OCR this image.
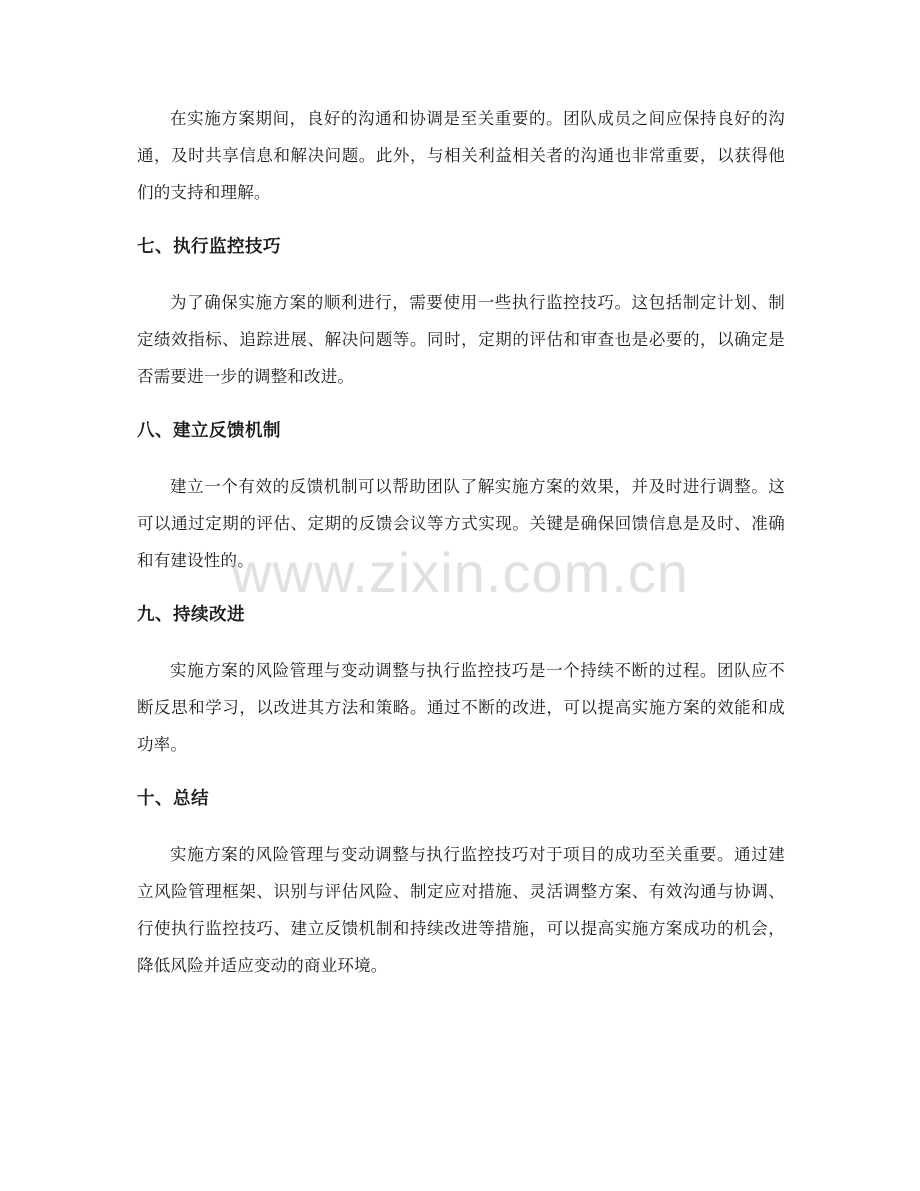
在实施方案期间，良好的沟通和协调是至关重要的。团队成员之间应保持良好的沟通，及时共享信息和解决问题。此外，与相关利益相关者的沟通也非常重要，以获得他们的支持和理解。

七、执行监控技巧

为了确保实施方案的顺利进行，需要使用一些执行监控技巧。这包括制定计划、制定绩效指标、追踪进展、解决问题等。同时，定期的评估和审查也是必要的，以确定是否需要进一步的调整和改进。

八、建立反馈机制

建立一个有效的反馈机制可以帮助团队了解实施方案的效果，并及时进行调整。这可以通过定期的评估、定期的反馈会议等方式实现。关键是确保回馈信息是及时、准确和有建设性的。

九、持续改进

实施方案的风险管理与变动调整与执行监控技巧是一个持续不断的过程。团队应不断反思和学习，以改进其方法和策略。通过不断的改进，可以提高实施方案的效能和成功率。

十、总结

实施方案的风险管理与变动调整与执行监控技巧对于项目的成功至关重要。通过建立风险管理框架、识别与评估风险、制定应对措施、灵活调整方案、有效沟通与协调、行使执行监控技巧、建立反馈机制和持续改进等措施，可以提高实施方案成功的机会，降低风险并适应变动的商业环境。

www.zixin.com.cn
